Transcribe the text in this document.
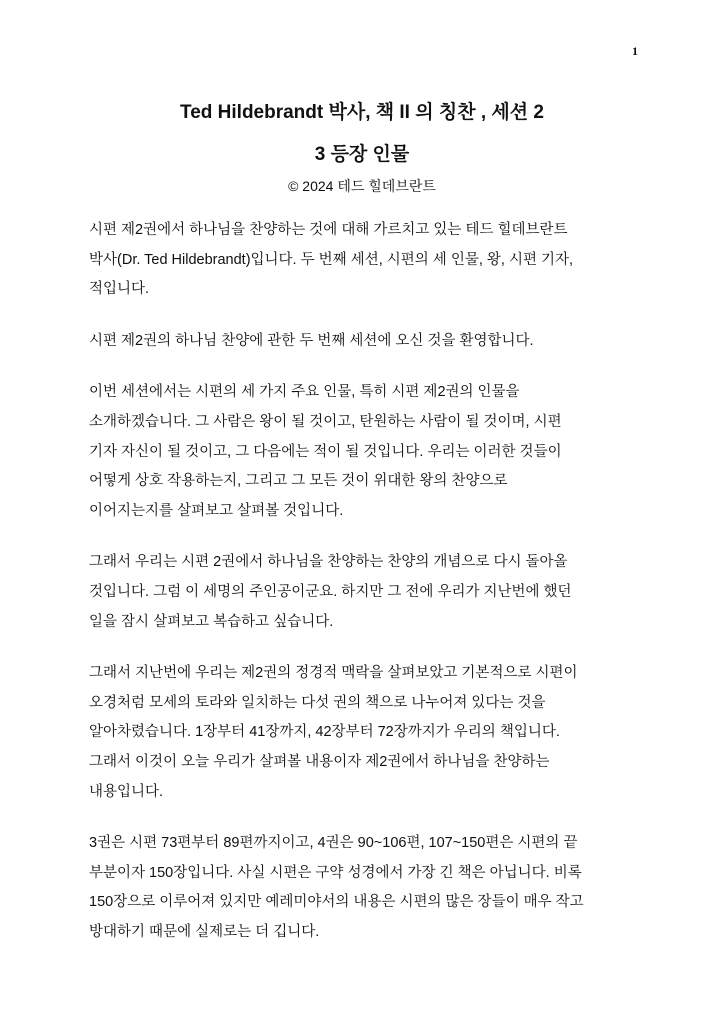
1
Ted Hildebrandt 박사, 책 II 의 칭찬 , 세션 2
3 등장 인물
© 2024 테드 힐데브란트
시편 제2권에서 하나님을 찬양하는 것에 대해 가르치고 있는 테드 힐데브란트
박사(Dr. Ted Hildebrandt)입니다. 두 번째 세션, 시편의 세 인물, 왕, 시편 기자,
적입니다.
시편 제2권의 하나님 찬양에 관한 두 번째 세션에 오신 것을 환영합니다.
이번 세션에서는 시편의 세 가지 주요 인물, 특히 시편 제2권의 인물을
소개하겠습니다. 그 사람은 왕이 될 것이고, 탄원하는 사람이 될 것이며, 시편
기자 자신이 될 것이고, 그 다음에는 적이 될 것입니다. 우리는 이러한 것들이
어떻게 상호 작용하는지, 그리고 그 모든 것이 위대한 왕의 찬양으로
이어지는지를 살펴보고 살펴볼 것입니다.
그래서 우리는 시편 2권에서 하나님을 찬양하는 찬양의 개념으로 다시 돌아올
것입니다. 그럼 이 세명의 주인공이군요. 하지만 그 전에 우리가 지난번에 했던
일을 잠시 살펴보고 복습하고 싶습니다.
그래서 지난번에 우리는 제2권의 정경적 맥락을 살펴보았고 기본적으로 시편이
오경처럼 모세의 토라와 일치하는 다섯 권의 책으로 나누어져 있다는 것을
알아차렸습니다. 1장부터 41장까지, 42장부터 72장까지가 우리의 책입니다.
그래서 이것이 오늘 우리가 살펴볼 내용이자 제2권에서 하나님을 찬양하는
내용입니다.
3권은 시편 73편부터 89편까지이고, 4권은 90~106편, 107~150편은 시편의 끝
부분이자 150장입니다. 사실 시편은 구약 성경에서 가장 긴 책은 아닙니다. 비록
150장으로 이루어져 있지만 예레미야서의 내용은 시편의 많은 장들이 매우 작고
방대하기 때문에 실제로는 더 깁니다.
